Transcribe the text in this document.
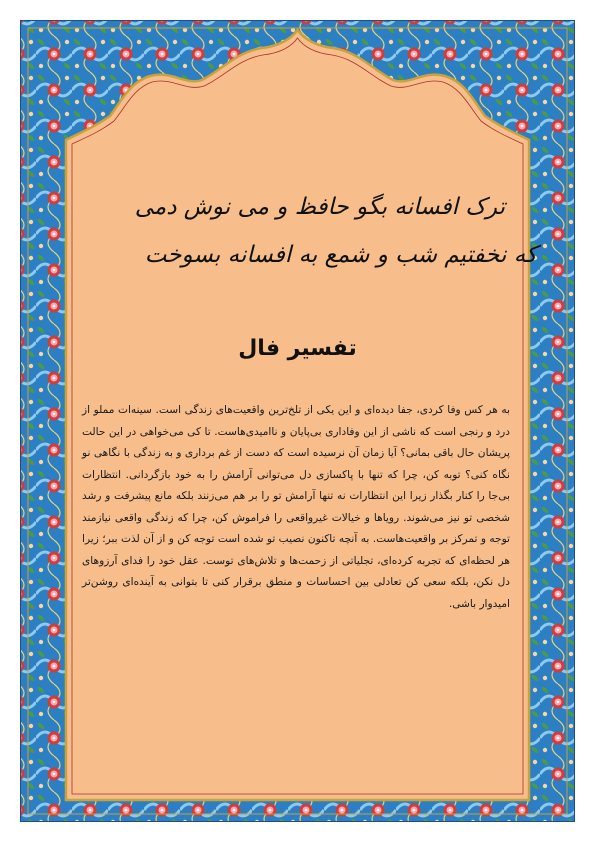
ترک افسانه بگو حافظ و می نوش دمی
که نخفتیم شب و شمع به افسانه بسوخت
تفسیر فال
به هر کس وفا کردی، جفا دیده‌ای و این یکی از تلخ‌ترین واقعیت‌های زندگی است. سینه‌ات مملو از درد و رنجی است که ناشی از این وفاداری بی‌پایان و ناامیدی‌هاست. تا کی می‌خواهی در این حالت پریشان حال باقی بمانی؟ آیا زمان آن نرسیده است که دست از غم برداری و به زندگی با نگاهی نو نگاه کنی؟ توبه کن، چرا که تنها با پاکسازی دل می‌توانی آرامش را به خود بازگردانی. انتظارات بی‌جا را کنار بگذار زیرا این انتظارات نه تنها آرامش تو را بر هم می‌زنند بلکه مانع پیشرفت و رشد شخصی تو نیز می‌شوند. رویاها و خیالات غیرواقعی را فراموش کن، چرا که زندگی واقعی نیازمند توجه و تمرکز بر واقعیت‌هاست. به آنچه تاکنون نصیب تو شده است توجه کن و از آن لذت ببر؛ زیرا هر لحظه‌ای که تجربه کرده‌ای، تجلیاتی از زحمت‌ها و تلاش‌های توست. عقل خود را فدای آرزوهای دل نکن، بلکه سعی کن تعادلی بین احساسات و منطق برقرار کنی تا بتوانی به آینده‌ای روشن‌تر امیدوار باشی.
